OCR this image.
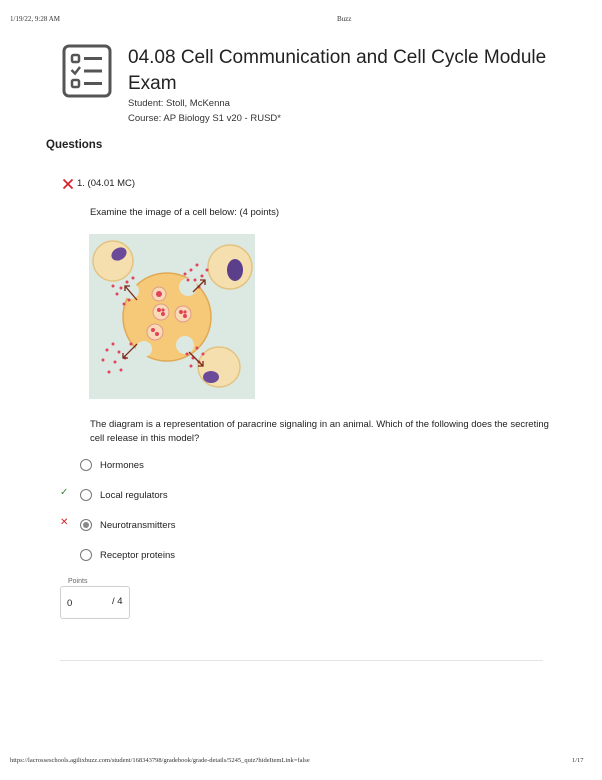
1/19/22, 9:28 AM	Buzz
04.08 Cell Communication and Cell Cycle Module Exam
Student: Stoll, McKenna
Course: AP Biology S1 v20 - RUSD*
Questions
1. (04.01 MC)
Examine the image of a cell below: (4 points)
The diagram is a representation of paracrine signaling in an animal. Which of the following does the secreting cell release in this model?
Hormones
✓	Local regulators
✕	Neurotransmitters
Receptor proteins
Points
0	/ 4
https://lacrosseschools.agilixbuzz.com/student/168343798/gradebook/grade-details/5245_quiz?hideItemLink=false	1/17
